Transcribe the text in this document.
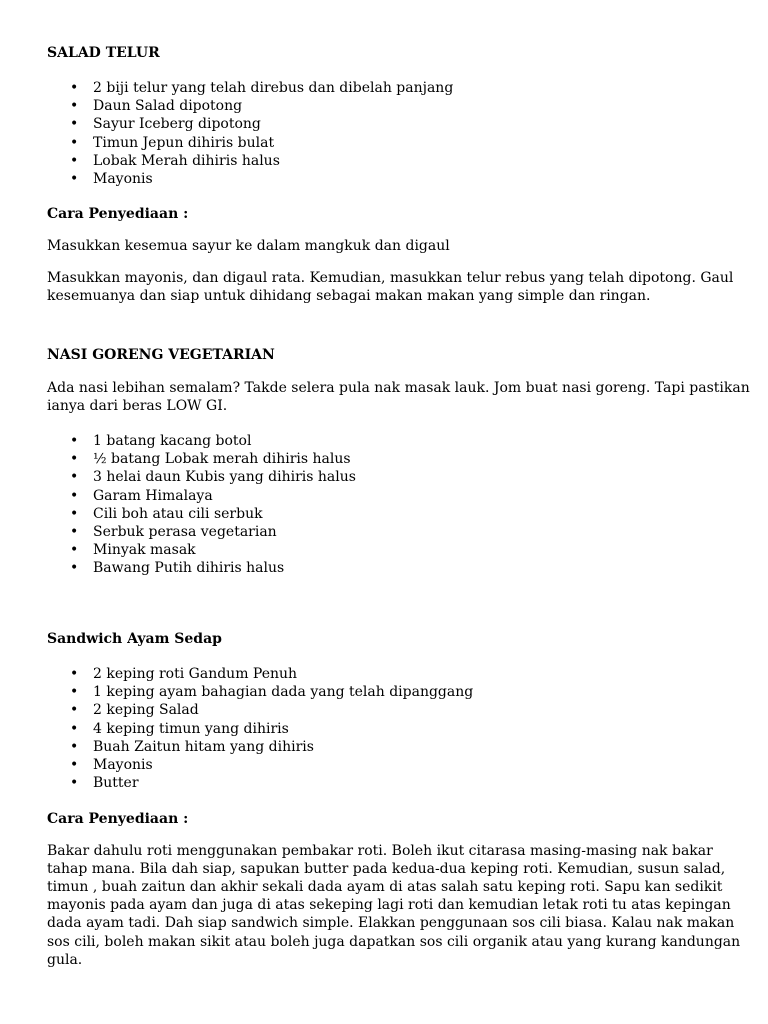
SALAD TELUR
• 2 biji telur yang telah direbus dan dibelah panjang
• Daun Salad dipotong
• Sayur Iceberg dipotong
• Timun Jepun dihiris bulat
• Lobak Merah dihiris halus
• Mayonis
Cara Penyediaan :
Masukkan kesemua sayur ke dalam mangkuk dan digaul
Masukkan mayonis, dan digaul rata. Kemudian, masukkan telur rebus yang telah dipotong. Gaul
kesemuanya dan siap untuk dihidang sebagai makan makan yang simple dan ringan.
NASI GORENG VEGETARIAN
Ada nasi lebihan semalam? Takde selera pula nak masak lauk. Jom buat nasi goreng. Tapi pastikan
ianya dari beras LOW GI.
• 1 batang kacang botol
• ½ batang Lobak merah dihiris halus
• 3 helai daun Kubis yang dihiris halus
• Garam Himalaya
• Cili boh atau cili serbuk
• Serbuk perasa vegetarian
• Minyak masak
• Bawang Putih dihiris halus
Sandwich Ayam Sedap
• 2 keping roti Gandum Penuh
• 1 keping ayam bahagian dada yang telah dipanggang
• 2 keping Salad
• 4 keping timun yang dihiris
• Buah Zaitun hitam yang dihiris
• Mayonis
• Butter
Cara Penyediaan :
Bakar dahulu roti menggunakan pembakar roti. Boleh ikut citarasa masing-masing nak bakar
tahap mana. Bila dah siap, sapukan butter pada kedua-dua keping roti. Kemudian, susun salad,
timun , buah zaitun dan akhir sekali dada ayam di atas salah satu keping roti. Sapu kan sedikit
mayonis pada ayam dan juga di atas sekeping lagi roti dan kemudian letak roti tu atas kepingan
dada ayam tadi. Dah siap sandwich simple. Elakkan penggunaan sos cili biasa. Kalau nak makan
sos cili, boleh makan sikit atau boleh juga dapatkan sos cili organik atau yang kurang kandungan
gula.
